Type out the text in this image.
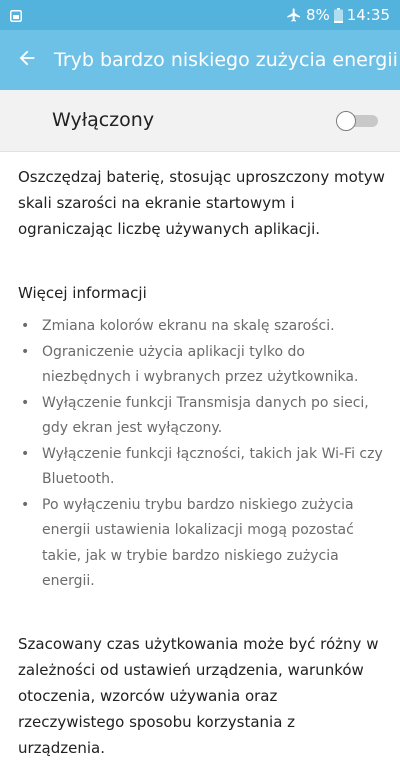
8% 14:35
Tryb bardzo niskiego zużycia energii
Wyłączony

Oszczędzaj baterię, stosując uproszczony motyw skali szarości na ekranie startowym i ograniczając liczbę używanych aplikacji.

Więcej informacji

• Zmiana kolorów ekranu na skalę szarości.
• Ograniczenie użycia aplikacji tylko do niezbędnych i wybranych przez użytkownika.
• Wyłączenie funkcji Transmisja danych po sieci, gdy ekran jest wyłączony.
• Wyłączenie funkcji łączności, takich jak Wi-Fi czy Bluetooth.
• Po wyłączeniu trybu bardzo niskiego zużycia energii ustawienia lokalizacji mogą pozostać takie, jak w trybie bardzo niskiego zużycia energii.

Szacowany czas użytkowania może być różny w zależności od ustawień urządzenia, warunków otoczenia, wzorców używania oraz rzeczywistego sposobu korzystania z urządzenia.
